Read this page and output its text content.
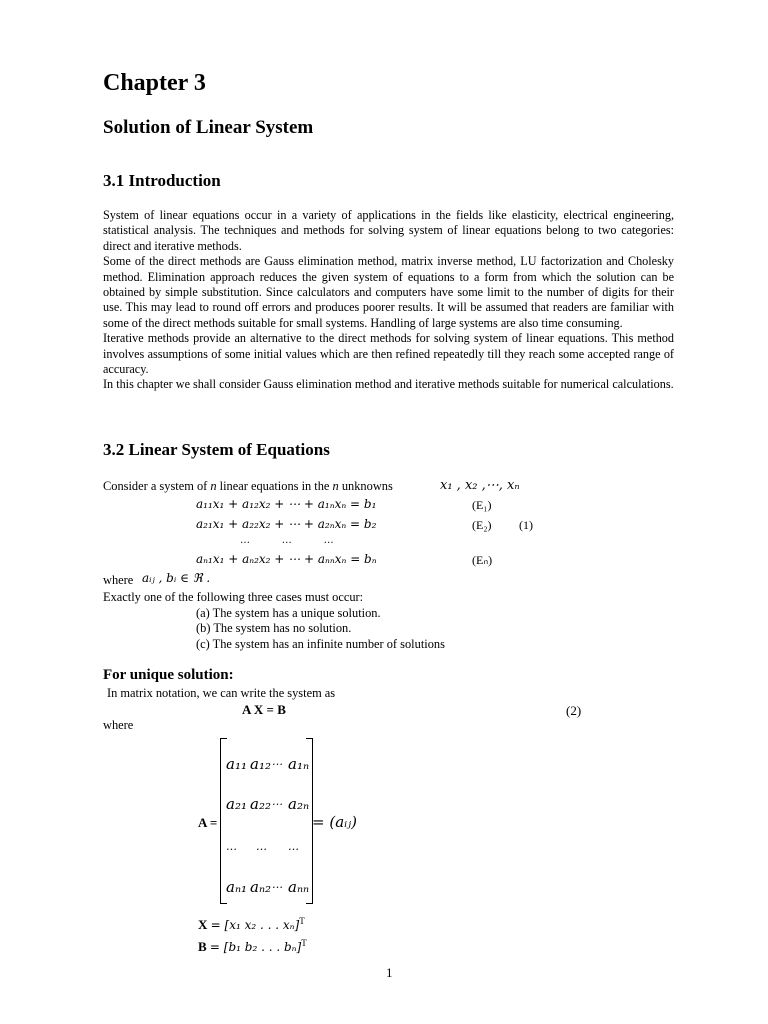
Chapter 3
Solution of Linear System
3.1 Introduction

System of linear equations occur in a variety of applications in the fields like elasticity, electrical engineering, statistical analysis. The techniques and methods for solving system of linear equations belong to two categories: direct and iterative methods.

Some of the direct methods are Gauss elimination method, matrix inverse method, LU factorization and Cholesky method. Elimination approach reduces the given system of equations to a form from which the solution can be obtained by simple substitution. Since calculators and computers have some limit to the number of digits for their use. This may lead to round off errors and produces poorer results. It will be assumed that readers are familiar with some of the direct methods suitable for small systems. Handling of large systems are also time consuming.

Iterative methods provide an alternative to the direct methods for solving system of linear equations. This method involves assumptions of some initial values which are then refined repeatedly till they reach some accepted range of accuracy.

In this chapter we shall consider Gauss elimination method and iterative methods suitable for numerical calculations.

3.2 Linear System of Equations
Consider a system of n linear equations in the n unknowns	x₁ , x₂ ,⋯, xₙ
a₁₁x₁ + a₁₂x₂ + ⋯ + a₁ₙxₙ = b₁	(E₁)
a₂₁x₁ + a₂₂x₂ + ⋯ + a₂ₙxₙ = b₂	(E₂) (1)
…          …          …
aₙ₁x₁ + aₙ₂x₂ + ⋯ + aₙₙxₙ = bₙ	(Eₙ)
where aᵢⱼ , bᵢ ∈ ℜ .
Exactly one of the following three cases must occur:
(a) The system has a unique solution.
(b) The system has no solution.
(c) The system has an infinite number of solutions
For unique solution:
In matrix notation, we can write the system as
A X = B	(2)
where
A =
a₁₁ a₁₂ … a₁ₙ
a₂₁ a₂₂ … a₂ₙ
… … …
aₙ₁ aₙ₂ … aₙₙ
= (aᵢⱼ)
X = [x₁ x₂ . . . xₙ]$^T$
B = [b₁ b₂ . . . bₙ]$^T$
1
